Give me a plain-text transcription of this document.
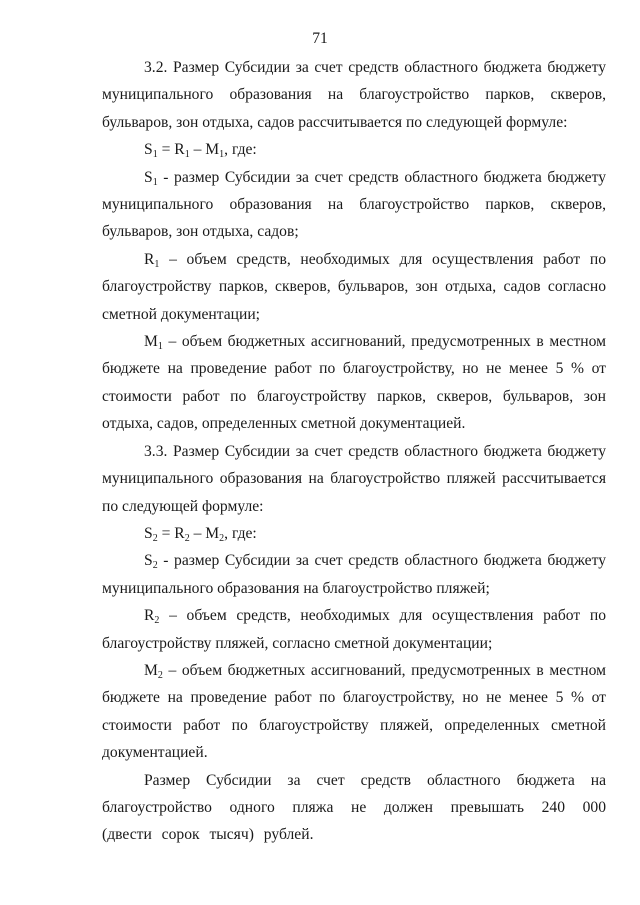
71

3.2. Размер Субсидии за счет средств областного бюджета бюджету муниципального образования на благоустройство парков, скверов, бульваров, зон отдыха, садов рассчитывается по следующей формуле:

$S_1 = R_1 - M_1$, где:

$S_1$ - размер Субсидии за счет средств областного бюджета бюджету муниципального образования на благоустройство парков, скверов, бульваров, зон отдыха, садов;

$R_1$ – объем средств, необходимых для осуществления работ по благоустройству парков, скверов, бульваров, зон отдыха, садов согласно сметной документации;

$M_1$ – объем бюджетных ассигнований, предусмотренных в местном бюджете на проведение работ по благоустройству, но не менее 5 % от стоимости работ по благоустройству парков, скверов, бульваров, зон отдыха, садов, определенных сметной документацией.

3.3. Размер Субсидии за счет средств областного бюджета бюджету муниципального образования на благоустройство пляжей рассчитывается по следующей формуле:

$S_2 = R_2 - M_2$, где:

$S_2$ - размер Субсидии за счет средств областного бюджета бюджету муниципального образования на благоустройство пляжей;

$R_2$ – объем средств, необходимых для осуществления работ по благоустройству пляжей, согласно сметной документации;

$M_2$ – объем бюджетных ассигнований, предусмотренных в местном бюджете на проведение работ по благоустройству, но не менее 5 % от стоимости работ по благоустройству пляжей, определенных сметной документацией.

Размер Субсидии за счет средств областного бюджета на благоустройство одного пляжа не должен превышать 240 000 (двести сорок тысяч) рублей.
